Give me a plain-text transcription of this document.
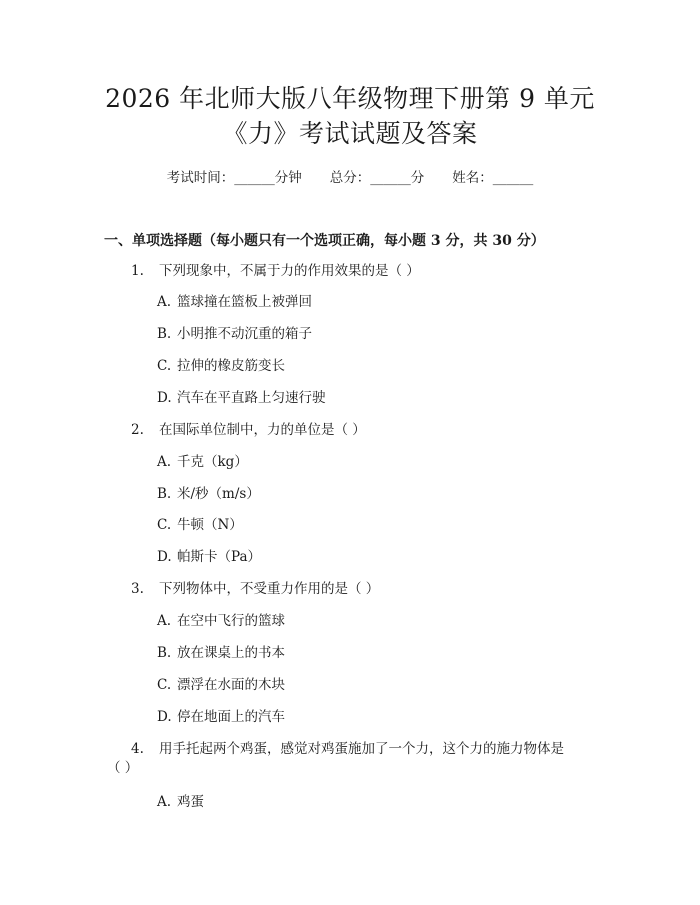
2026 年北师大版八年级物理下册第 9 单元
《力》考试试题及答案
考试时间：______分钟 总分：______分 姓名：______
一、单项选择题（每小题只有一个选项正确，每小题 3 分，共 30 分）
1. 下列现象中，不属于力的作用效果的是（ ）
A. 篮球撞在篮板上被弹回
B. 小明推不动沉重的箱子
C. 拉伸的橡皮筋变长
D. 汽车在平直路上匀速行驶
2. 在国际单位制中，力的单位是（ ）
A. 千克（kg）
B. 米/秒（m/s）
C. 牛顿（N）
D. 帕斯卡（Pa）
3. 下列物体中，不受重力作用的是（ ）
A. 在空中飞行的篮球
B. 放在课桌上的书本
C. 漂浮在水面的木块
D. 停在地面上的汽车
4. 用手托起两个鸡蛋，感觉对鸡蛋施加了一个力，这个力的施力物体是
（ ）
A. 鸡蛋
